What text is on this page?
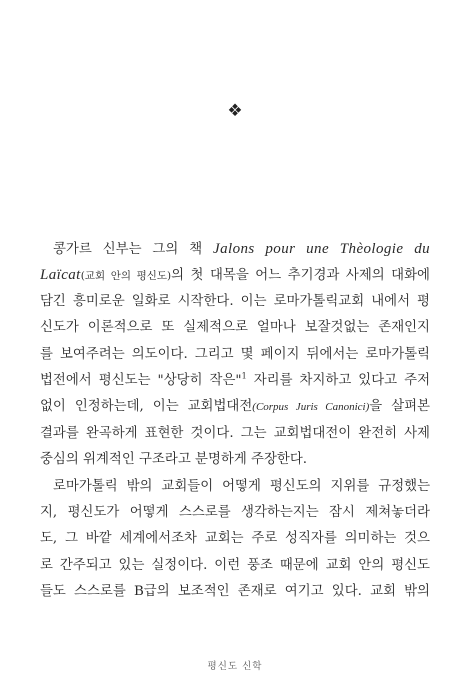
❖
콩가르 신부는 그의 책 Jalons pour une Thèologie du
Laïcat(교회 안의 평신도)의 첫 대목을 어느 추기경과 사제의 대화에
담긴 흥미로운 일화로 시작한다. 이는 로마가톨릭교회 내에서 평
신도가 이론적으로 또 실제적으로 얼마나 보잘것없는 존재인지
를 보여주려는 의도이다. 그리고 몇 페이지 뒤에서는 로마가톨릭
법전에서 평신도는 "상당히 작은"$^1$ 자리를 차지하고 있다고 주저
없이 인정하는데, 이는 교회법대전(Corpus Juris Canonici)을 살펴본
결과를 완곡하게 표현한 것이다. 그는 교회법대전이 완전히 사제
중심의 위계적인 구조라고 분명하게 주장한다.
로마가톨릭 밖의 교회들이 어떻게 평신도의 지위를 규정했는
지, 평신도가 어떻게 스스로를 생각하는지는 잠시 제쳐놓더라
도, 그 바깥 세계에서조차 교회는 주로 성직자를 의미하는 것으
로 간주되고 있는 실정이다. 이런 풍조 때문에 교회 안의 평신도
들도 스스로를 B급의 보조적인 존재로 여기고 있다. 교회 밖의
평신도 신학
